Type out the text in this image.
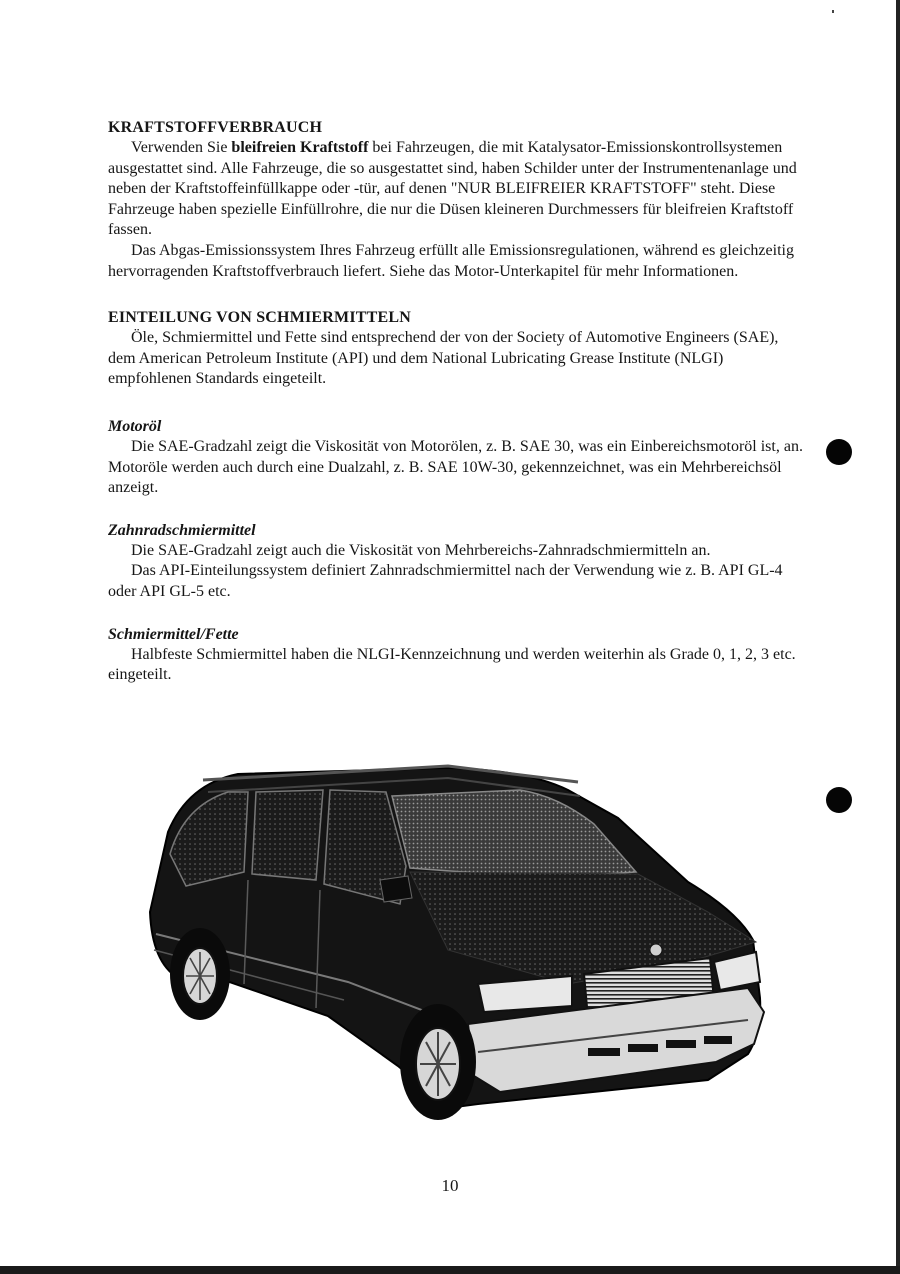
KRAFTSTOFFVERBRAUCH

Verwenden Sie bleifreien Kraftstoff bei Fahrzeugen, die mit Katalysator-Emissionskontrollsystemen ausgestattet sind. Alle Fahrzeuge, die so ausgestattet sind, haben Schilder unter der Instrumentenanlage und neben der Kraftstoffeinfüllkappe oder -tür, auf denen "NUR BLEIFREIER KRAFTSTOFF" steht. Diese Fahrzeuge haben spezielle Einfüllrohre, die nur die Düsen kleineren Durchmessers für bleifreien Kraftstoff fassen.

Das Abgas-Emissionssystem Ihres Fahrzeug erfüllt alle Emissionsregulationen, während es gleichzeitig hervorragenden Kraftstoffverbrauch liefert. Siehe das Motor-Unterkapitel für mehr Informationen.

EINTEILUNG VON SCHMIERMITTELN

Öle, Schmiermittel und Fette sind entsprechend der von der Society of Automotive Engineers (SAE), dem American Petroleum Institute (API) und dem National Lubricating Grease Institute (NLGI) empfohlenen Standards eingeteilt.

Motoröl

Die SAE-Gradzahl zeigt die Viskosität von Motorölen, z. B. SAE 30, was ein Einbereichsmotoröl ist, an. Motoröle werden auch durch eine Dualzahl, z. B. SAE 10W-30, gekennzeichnet, was ein Mehrbereichsöl anzeigt.

Zahnradschmiermittel

Die SAE-Gradzahl zeigt auch die Viskosität von Mehrbereichs-Zahnradschmiermitteln an.

Das API-Einteilungssystem definiert Zahnradschmiermittel nach der Verwendung wie z. B. API GL-4 oder API GL-5 etc.

Schmiermittel/Fette

Halbfeste Schmiermittel haben die NLGI-Kennzeichnung und werden weiterhin als Grade 0, 1, 2, 3 etc. eingeteilt.

10
